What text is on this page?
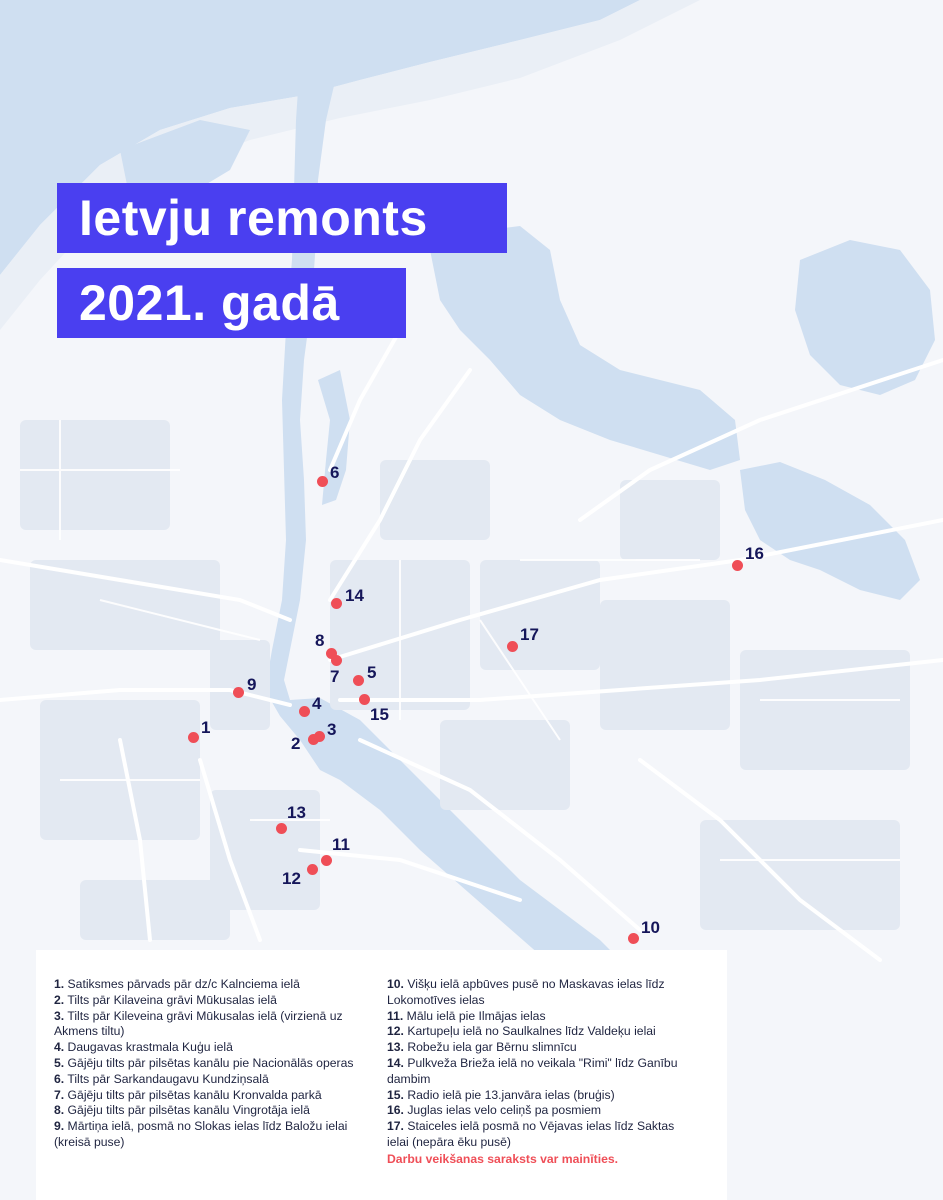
Ietvju remonts
2021. gadā
1
2
3
4
5
6
7
8
9
10
11
12
13
14
15
16
17

1. Satiksmes pārvads pār dz/c Kalnciema ielā

2. Tilts pār Kilaveina grāvi Mūkusalas ielā

3. Tilts pār Kileveina grāvi Mūkusalas ielā (virzienā uz Akmens tiltu)

4. Daugavas krastmala Kuģu ielā

5. Gājēju tilts pār pilsētas kanālu pie Nacionālās operas

6. Tilts pār Sarkandaugavu Kundziņsalā

7. Gājēju tilts pār pilsētas kanālu Kronvalda parkā

8. Gājēju tilts pār pilsētas kanālu Vingrotāja ielā

9. Mārtiņa ielā, posmā no Slokas ielas līdz Baložu ielai (kreisā puse)

10. Višķu ielā apbūves pusē no Maskavas ielas līdz Lokomotīves ielas

11. Mālu ielā pie Ilmājas ielas

12. Kartupeļu ielā no Saulkalnes līdz Valdeķu ielai

13. Robežu iela gar Bērnu slimnīcu

14. Pulkveža Brieža ielā no veikala "Rimi" līdz Ganību dambim

15. Radio ielā pie 13.janvāra ielas (bruģis)

16. Juglas ielas velo celiņš pa posmiem

17. Staiceles ielā posmā no Vējavas ielas līdz Saktas ielai (nepāra ēku pusē)

Darbu veikšanas saraksts var mainīties.
